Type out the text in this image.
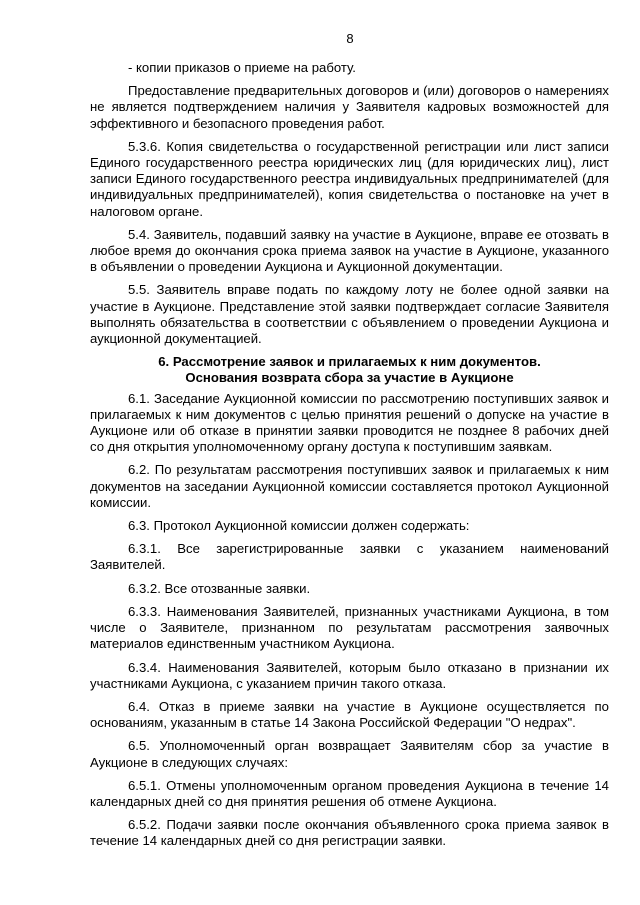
8

- копии приказов о приеме на работу.

Предоставление предварительных договоров и (или) договоров о намерениях не является подтверждением наличия у Заявителя кадровых возможностей для эффективного и безопасного проведения работ.

5.3.6. Копия свидетельства о государственной регистрации или лист записи Единого государственного реестра юридических лиц (для юридических лиц), лист записи Единого государственного реестра индивидуальных предпринимателей (для индивидуальных предпринимателей), копия свидетельства о постановке на учет в налоговом органе.

5.4. Заявитель, подавший заявку на участие в Аукционе, вправе ее отозвать в любое время до окончания срока приема заявок на участие в Аукционе, указанного в объявлении о проведении Аукциона и Аукционной документации.

5.5. Заявитель вправе подать по каждому лоту не более одной заявки на участие в Аукционе. Представление этой заявки подтверждает согласие Заявителя выполнять обязательства в соответствии с объявлением о проведении Аукциона и аукционной документацией.

6. Рассмотрение заявок и прилагаемых к ним документов.
Основания возврата сбора за участие в Аукционе

6.1. Заседание Аукционной комиссии по рассмотрению поступивших заявок и прилагаемых к ним документов с целью принятия решений о допуске на участие в Аукционе или об отказе в принятии заявки проводится не позднее 8 рабочих дней со дня открытия уполномоченному органу доступа к поступившим заявкам.

6.2. По результатам рассмотрения поступивших заявок и прилагаемых к ним документов на заседании Аукционной комиссии составляется протокол Аукционной комиссии.

6.3. Протокол Аукционной комиссии должен содержать:

6.3.1. Все зарегистрированные заявки с указанием наименований Заявителей.

6.3.2. Все отозванные заявки.

6.3.3. Наименования Заявителей, признанных участниками Аукциона, в том числе о Заявителе, признанном по результатам рассмотрения заявочных материалов единственным участником Аукциона.

6.3.4. Наименования Заявителей, которым было отказано в признании их участниками Аукциона, с указанием причин такого отказа.

6.4. Отказ в приеме заявки на участие в Аукционе осуществляется по основаниям, указанным в статье 14 Закона Российской Федерации "О недрах".

6.5. Уполномоченный орган возвращает Заявителям сбор за участие в Аукционе в следующих случаях:

6.5.1. Отмены уполномоченным органом проведения Аукциона в течение 14 календарных дней со дня принятия решения об отмене Аукциона.

6.5.2. Подачи заявки после окончания объявленного срока приема заявок в течение 14 календарных дней со дня регистрации заявки.
